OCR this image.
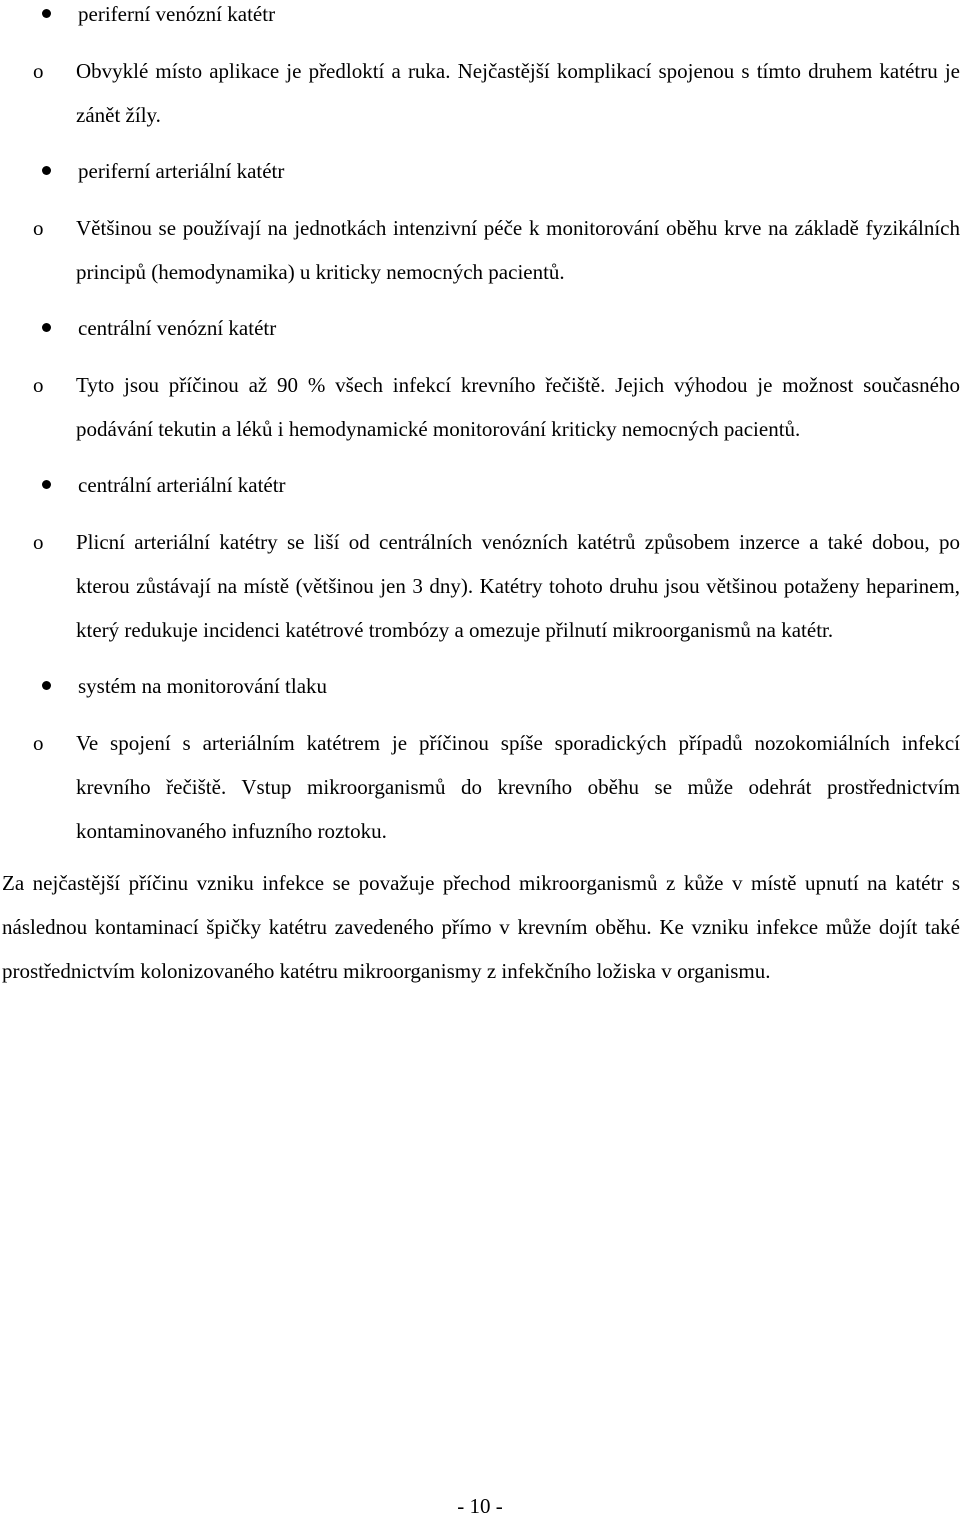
periferní venózní katétr
o Obvyklé místo aplikace je předloktí a ruka. Nejčastější komplikací spojenou s tímto druhem katétru je zánět žíly.
periferní arteriální katétr
o Většinou se používají na jednotkách intenzivní péče k monitorování oběhu krve na základě fyzikálních principů (hemodynamika) u kriticky nemocných pacientů.
centrální venózní katétr
o Tyto jsou příčinou až 90 % všech infekcí krevního řečiště. Jejich výhodou je možnost současného podávání tekutin a léků i hemodynamické monitorování kriticky nemocných pacientů.
centrální arteriální katétr
o Plicní arteriální katétry se liší od centrálních venózních katétrů způsobem inzerce a také dobou, po kterou zůstávají na místě (většinou jen 3 dny). Katétry tohoto druhu jsou většinou potaženy heparinem, který redukuje incidenci katétrové trombózy a omezuje přilnutí mikroorganismů na katétr.
systém na monitorování tlaku
o Ve spojení s arteriálním katétrem je příčinou spíše sporadických případů nozokomiálních infekcí krevního řečiště. Vstup mikroorganismů do krevního oběhu se může odehrát prostřednictvím kontaminovaného infuzního roztoku.

Za nejčastější příčinu vzniku infekce se považuje přechod mikroorganismů z kůže v místě upnutí na katétr s následnou kontaminací špičky katétru zavedeného přímo v krevním oběhu. Ke vzniku infekce může dojít také prostřednictvím kolonizovaného katétru mikroorganismy z infekčního ložiska v organismu.

- 10 -
